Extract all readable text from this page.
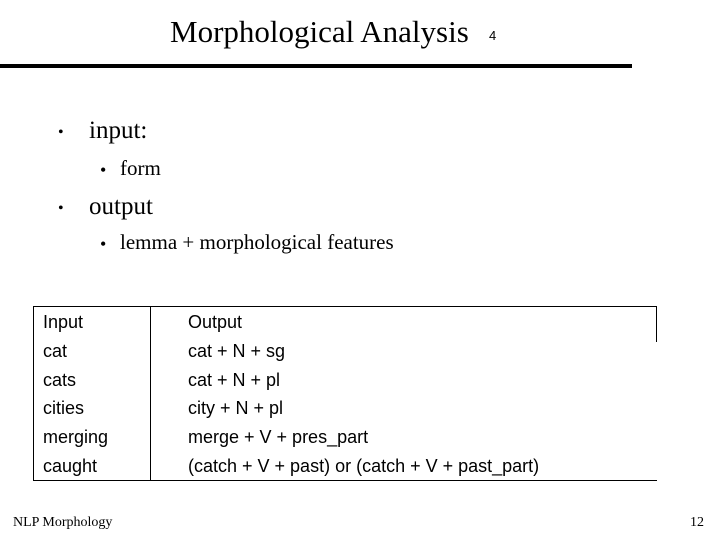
Morphological Analysis 4
• input:
• form
• output
• lemma + morphological features
Input	Output
cat	cat + N + sg
cats	cat + N + pl
cities	city + N + pl
merging	merge + V + pres_part
caught	(catch + V + past) or (catch + V + past_part)
NLP Morphology	12
